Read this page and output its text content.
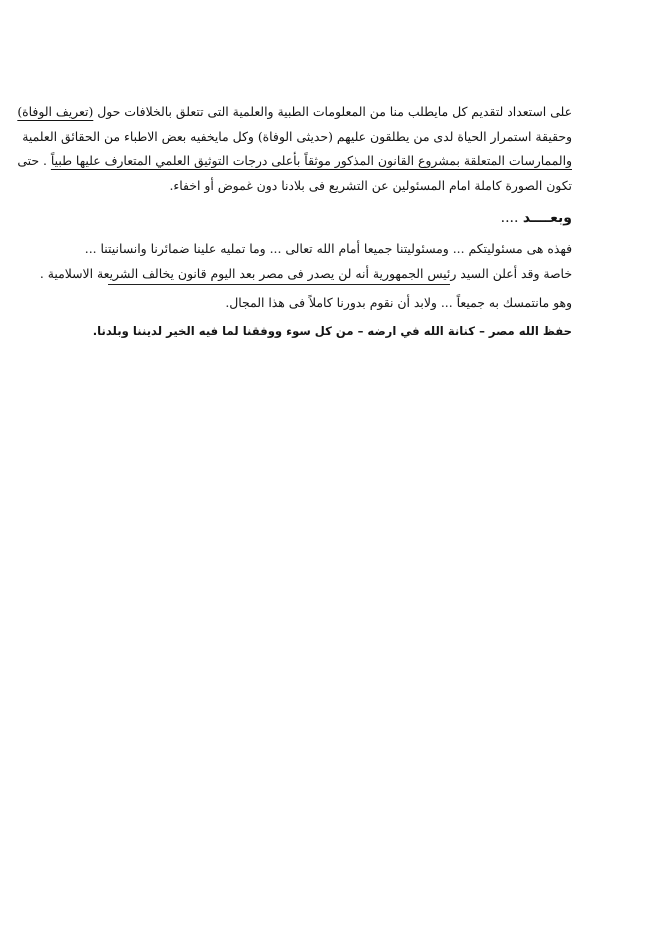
على استعداد لتقديم كل مايطلب منا من المعلومات الطبية والعلمية التى تتعلق بالخلافات حول (تعريف الوفاة)
وحقيقة استمرار الحياة لدى من يطلقون عليهم (حديثى الوفاة) وكل مايخفيه بعض الاطباء من الحقائق العلمية
والممارسات المتعلقة بمشروع القانون المذكور موثقاً بأعلى درجات التوثيق العلمي المتعارف عليها طبياً . حتى
تكون الصورة كاملة امام المسئولين عن التشريع فى بلادنا دون غموض أو اخفاء.
وبعــــد ....
فهذه هى مسئوليتكم ... ومسئوليتنا جميعا أمام الله تعالى ... وما تمليه علينا ضمائرنا وانسانيتنا ...
خاصة وقد أعلن السيد رئيس الجمهورية أنه لن يصدر فى مصر بعد اليوم قانون يخالف الشريعة الاسلامية .
وهو مانتمسك به جميعاً ... ولابد أن نقوم بدورنا كاملاً فى هذا المجال.
حفظ الله مصر – كنانة الله في ارضه – من كل سوء ووفقنا لما فيه الخير لديننا وبلدنا.
